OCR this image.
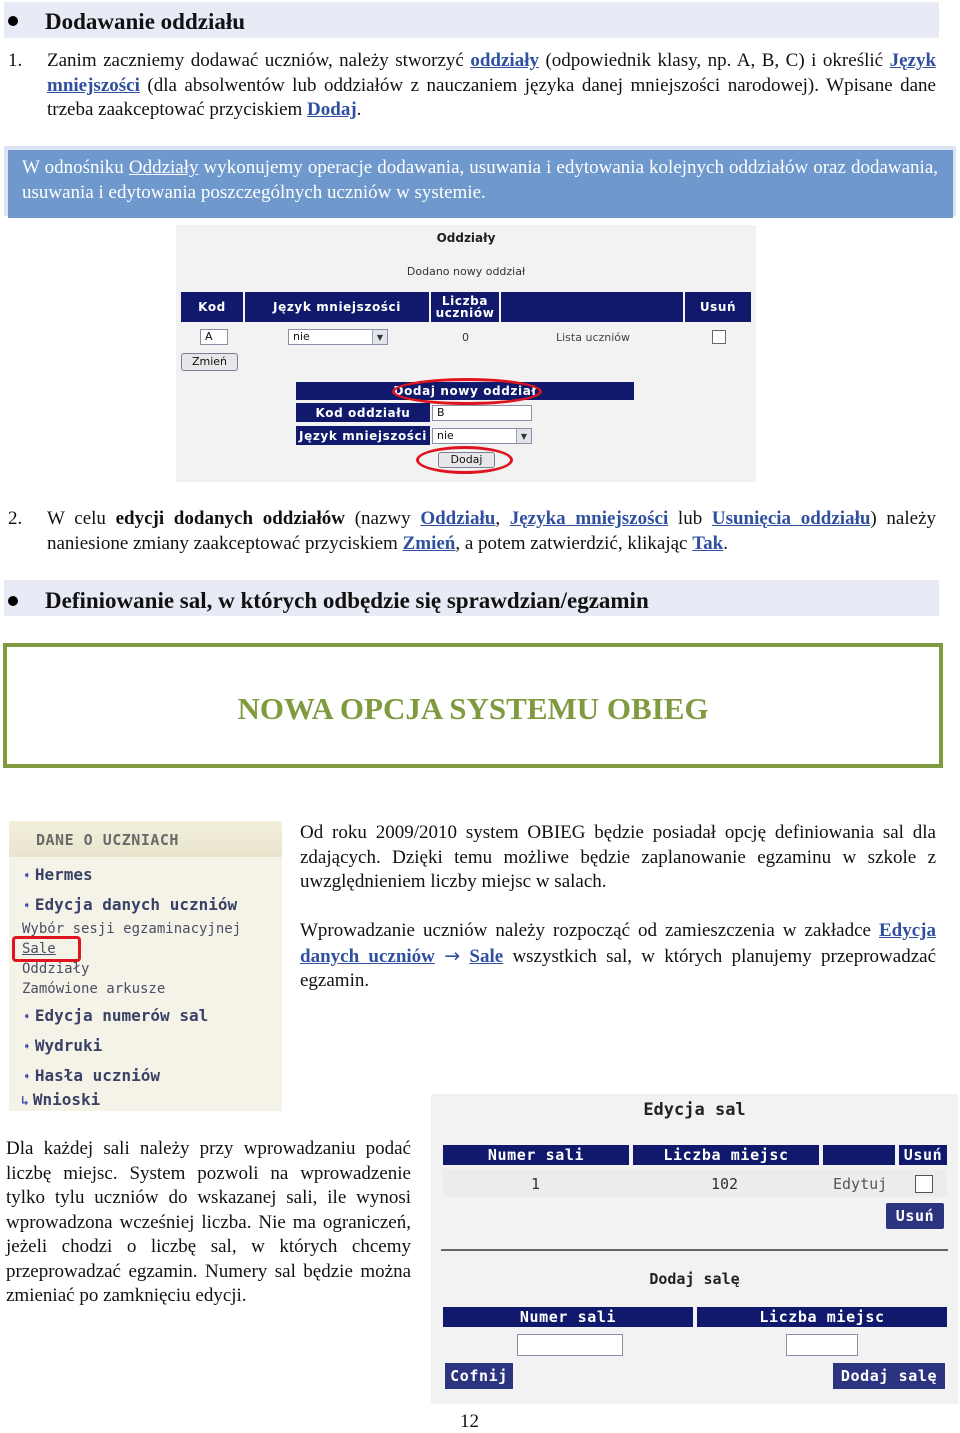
Dodawanie oddziału
1. Zanim zaczniemy dodawać uczniów, należy stworzyć oddziały (odpowiednik klasy, np. A, B, C) i określić Język mniejszości (dla absolwentów lub oddziałów z nauczaniem języka danej mniejszości narodowej). Wpisane dane trzeba zaakceptować przyciskiem Dodaj.
W odnośniku Oddziały wykonujemy operacje dodawania, usuwania i edytowania kolejnych oddziałów oraz dodawania, usuwania i edytowania poszczególnych uczniów w systemie.
Oddziały
Dodano nowy oddział
Kod	Język mniejszości	Liczba uczniów	Usuń
A	nie	▼	0	Lista uczniów
Zmień
Dodaj nowy oddział
Kod oddziału	B
Język mniejszości nie	▼
Dodaj
2. W celu edycji dodanych oddziałów (nazwy Oddziału, Języka mniejszości lub Usunięcia oddziału) należy naniesione zmiany zaakceptować przyciskiem Zmień, a potem zatwierdzić, klikając Tak.
Definiowanie sal, w których odbędzie się sprawdzian/egzamin
NOWA OPCJA SYSTEMU OBIEG
DANE O UCZNIACH
➧ Hermes
➧ Edycja danych uczniów
Wybór sesji egzaminacyjnej
Sale
Oddziały
Zamówione arkusze
➧ Edycja numerów sal
➧ Wydruki
➧ Hasła uczniów
↳ Wnioski
Od roku 2009/2010 system OBIEG będzie posiadał opcję definiowania sal dla zdających. Dzięki temu możliwe będzie zaplanowanie egzaminu w szkole z uwzględnieniem liczby miejsc w salach.
Wprowadzanie uczniów należy rozpocząć od zamieszczenia w zakładce Edycja danych uczniów → Sale wszystkich sal, w których planujemy przeprowadzać egzamin.
Dla każdej sali należy przy wprowadzaniu podać liczbę miejsc. System pozwoli na wprowadzenie tylko tylu uczniów do wskazanej sali, ile wynosi wprowadzona wcześniej liczba. Nie ma ograniczeń, jeżeli chodzi o liczbę sal, w których chcemy przeprowadzać egzamin. Numery sal będzie można zmieniać po zamknięciu edycji.
Edycja sal
Numer sali	Liczba miejsc	Usuń
1	102	Edytuj
Usuń
Dodaj salę
Numer sali	Liczba miejsc
Cofnij	Dodaj salę
12
